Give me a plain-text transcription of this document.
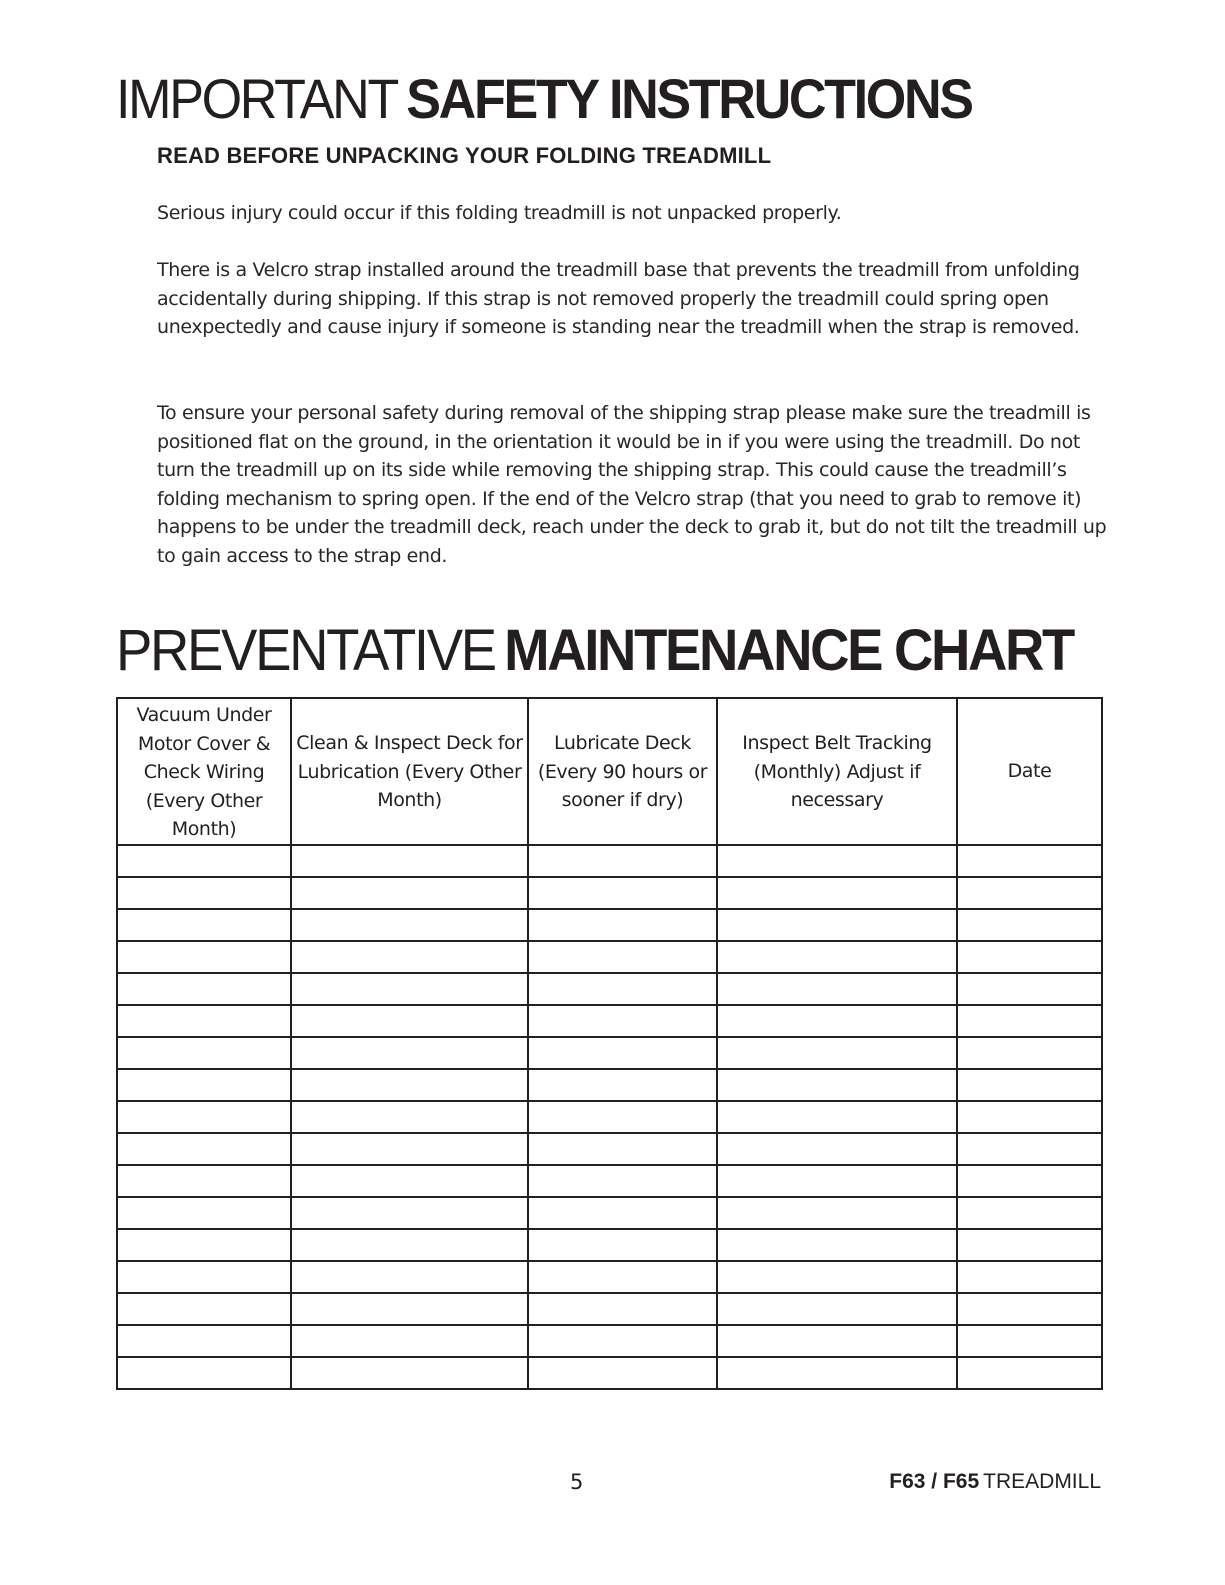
IMPORTANT SAFETY INSTRUCTIONS
READ BEFORE UNPACKING YOUR FOLDING TREADMILL

Serious injury could occur if this folding treadmill is not unpacked properly.

There is a Velcro strap installed around the treadmill base that prevents the treadmill from unfolding accidentally during shipping. If this strap is not removed properly the treadmill could spring open unexpectedly and cause injury if someone is standing near the treadmill when the strap is removed.

To ensure your personal safety during removal of the shipping strap please make sure the treadmill is positioned flat on the ground, in the orientation it would be in if you were using the treadmill. Do not turn the treadmill up on its side while removing the shipping strap. This could cause the treadmill’s folding mechanism to spring open. If the end of the Velcro strap (that you need to grab to remove it) happens to be under the treadmill deck, reach under the deck to grab it, but do not tilt the treadmill up to gain access to the strap end.

PREVENTATIVE MAINTENANCE CHART
Vacuum Under Motor Cover & Check Wiring (Every Other Month)	Clean & Inspect Deck for Lubrication (Every Other Month)	Lubricate Deck (Every 90 hours or sooner if dry)	Inspect Belt Tracking (Monthly) Adjust if necessary	Date

5	F63 / F65 TREADMILL
